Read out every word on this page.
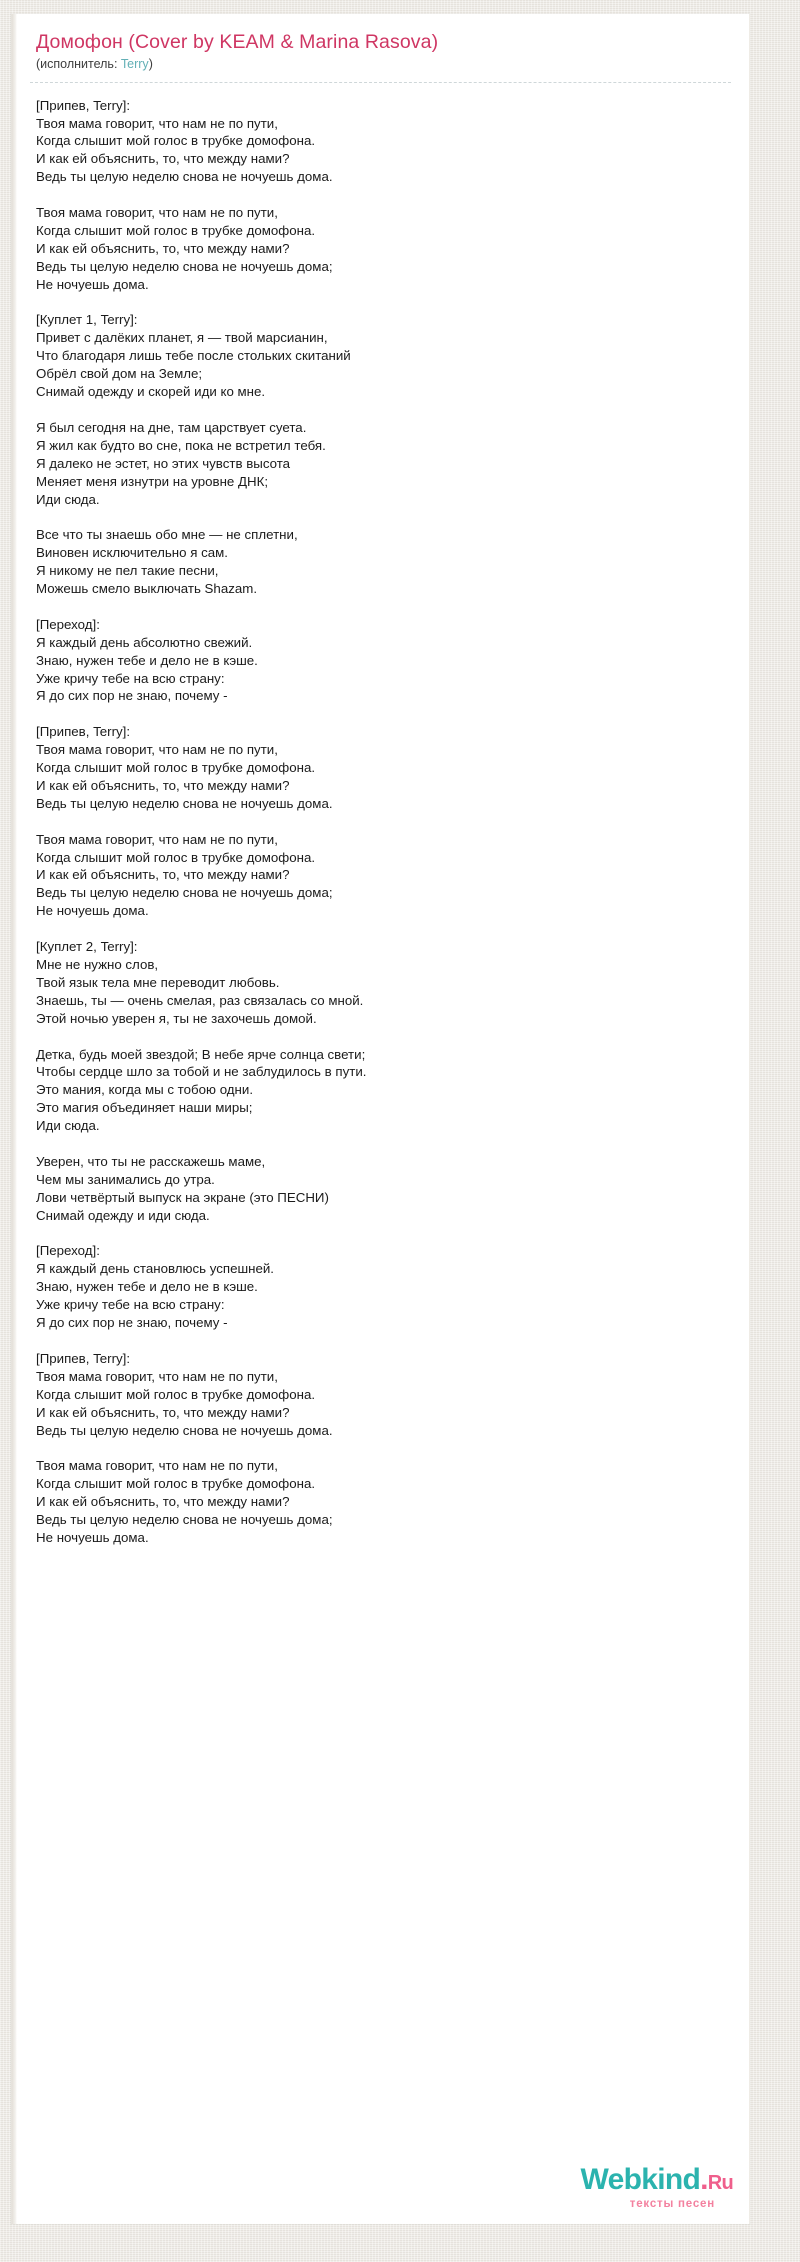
Домофон (Cover by KEAM & Marina Rasova)
(исполнитель: Terry)

[Припев, Terry]:

Твоя мама говорит, что нам не по пути,

Когда слышит мой голос в трубке домофона.

И как ей объяснить, то, что между нами?

Ведь ты целую неделю снова не ночуешь дома.

Твоя мама говорит, что нам не по пути,

Когда слышит мой голос в трубке домофона.

И как ей объяснить, то, что между нами?

Ведь ты целую неделю снова не ночуешь дома;

Не ночуешь дома.

[Куплет 1, Terry]:

Привет с далёких планет, я — твой марсианин,

Что благодаря лишь тебе после стольких скитаний

Обрёл свой дом на Земле;

Снимай одежду и скорей иди ко мне.

Я был сегодня на дне, там царствует суета.

Я жил как будто во сне, пока не встретил тебя.

Я далеко не эстет, но этих чувств высота

Меняет меня изнутри на уровне ДНК;

Иди сюда.

Все что ты знаешь обо мне — не сплетни,

Виновен исключительно я сам.

Я никому не пел такие песни,

Можешь смело выключать Shazam.

[Переход]:

Я каждый день абсолютно свежий.

Знаю, нужен тебе и дело не в кэше.

Уже кричу тебе на всю страну:

Я до сих пор не знаю, почему -

[Припев, Terry]:

Твоя мама говорит, что нам не по пути,

Когда слышит мой голос в трубке домофона.

И как ей объяснить, то, что между нами?

Ведь ты целую неделю снова не ночуешь дома.

Твоя мама говорит, что нам не по пути,

Когда слышит мой голос в трубке домофона.

И как ей объяснить, то, что между нами?

Ведь ты целую неделю снова не ночуешь дома;

Не ночуешь дома.

[Куплет 2, Terry]:

Мне не нужно слов,

Твой язык тела мне переводит любовь.

Знаешь, ты — очень смелая, раз связалась со мной.

Этой ночью уверен я, ты не захочешь домой.

Детка, будь моей звездой; В небе ярче солнца свети;

Чтобы сердце шло за тобой и не заблудилось в пути.

Это мания, когда мы с тобою одни.

Это магия объединяет наши миры;

Иди сюда.

Уверен, что ты не расскажешь маме,

Чем мы занимались до утра.

Лови четвёртый выпуск на экране (это ПЕСНИ)

Снимай одежду и иди сюда.

[Переход]:

Я каждый день становлюсь успешней.

Знаю, нужен тебе и дело не в кэше.

Уже кричу тебе на всю страну:

Я до сих пор не знаю, почему -

[Припев, Terry]:

Твоя мама говорит, что нам не по пути,

Когда слышит мой голос в трубке домофона.

И как ей объяснить, то, что между нами?

Ведь ты целую неделю снова не ночуешь дома.

Твоя мама говорит, что нам не по пути,

Когда слышит мой голос в трубке домофона.

И как ей объяснить, то, что между нами?

Ведь ты целую неделю снова не ночуешь дома;

Не ночуешь дома.

Webkind.Ru
тексты песен
